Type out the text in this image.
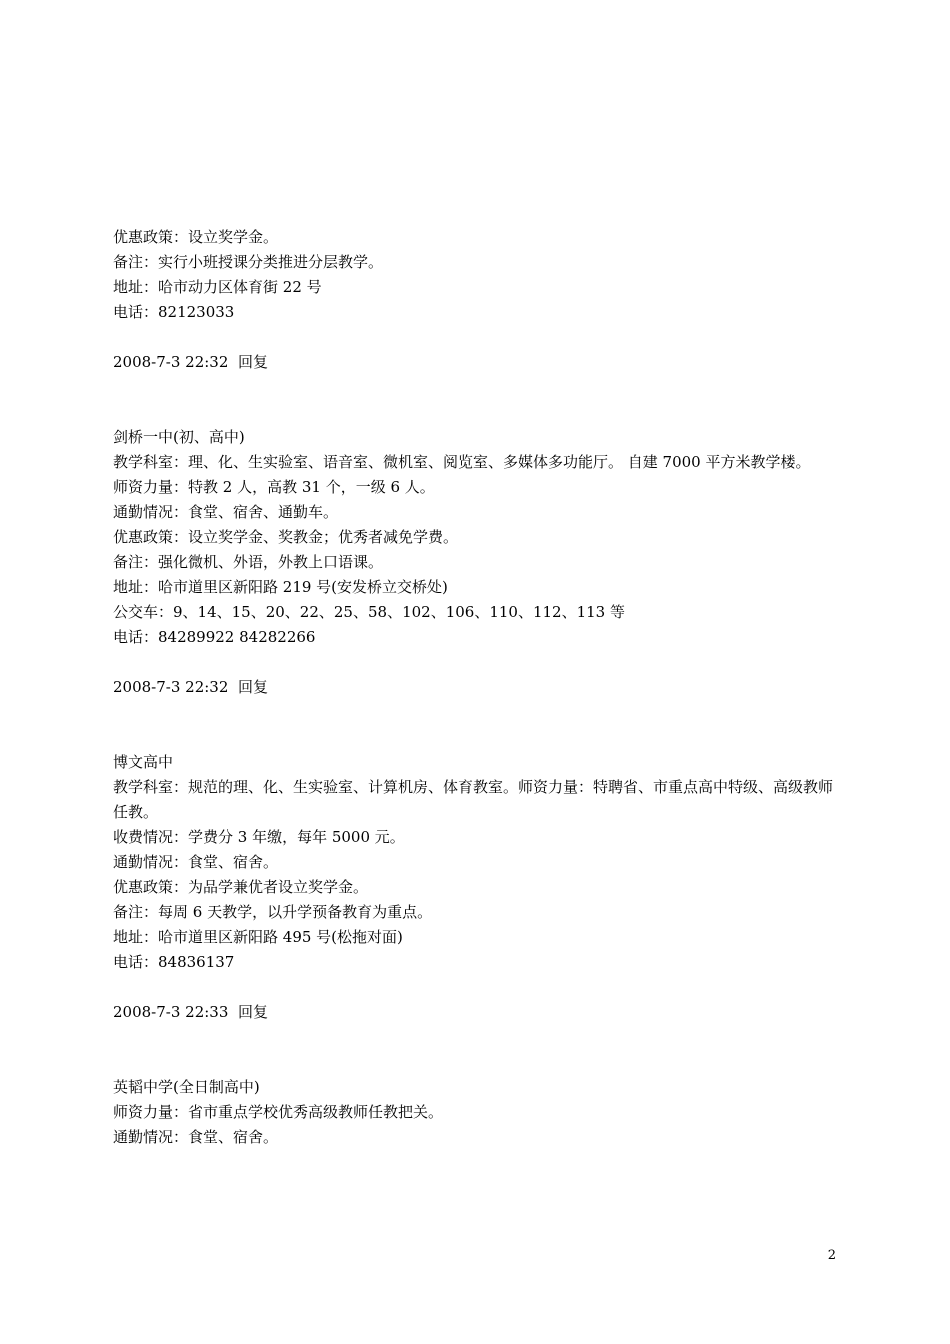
优惠政策：设立奖学金。
备注：实行小班授课分类推进分层教学。
地址：哈市动力区体育街 22 号
电话：82123033
2008-7-3 22:32 回复
剑桥一中(初、高中)
教学科室：理、化、生实验室、语音室、微机室、阅览室、多媒体多功能厅。 自建 7000 平方米教学楼。
师资力量：特教 2 人，高教 31 个，一级 6 人。
通勤情况：食堂、宿舍、通勤车。
优惠政策：设立奖学金、奖教金；优秀者减免学费。
备注：强化微机、外语，外教上口语课。
地址：哈市道里区新阳路 219 号(安发桥立交桥处)
公交车：9、14、15、20、22、25、58、102、106、110、112、113 等
电话：84289922 84282266
2008-7-3 22:32 回复
博文高中
教学科室：规范的理、化、生实验室、计算机房、体育教室。师资力量：特聘省、市重点高中特级、高级教师任教。
收费情况：学费分 3 年缴，每年 5000 元。
通勤情况：食堂、宿舍。
优惠政策：为品学兼优者设立奖学金。
备注：每周 6 天教学，以升学预备教育为重点。
地址：哈市道里区新阳路 495 号(松拖对面)
电话：84836137
2008-7-3 22:33 回复
英韬中学(全日制高中)
师资力量：省市重点学校优秀高级教师任教把关。
通勤情况：食堂、宿舍。
2
